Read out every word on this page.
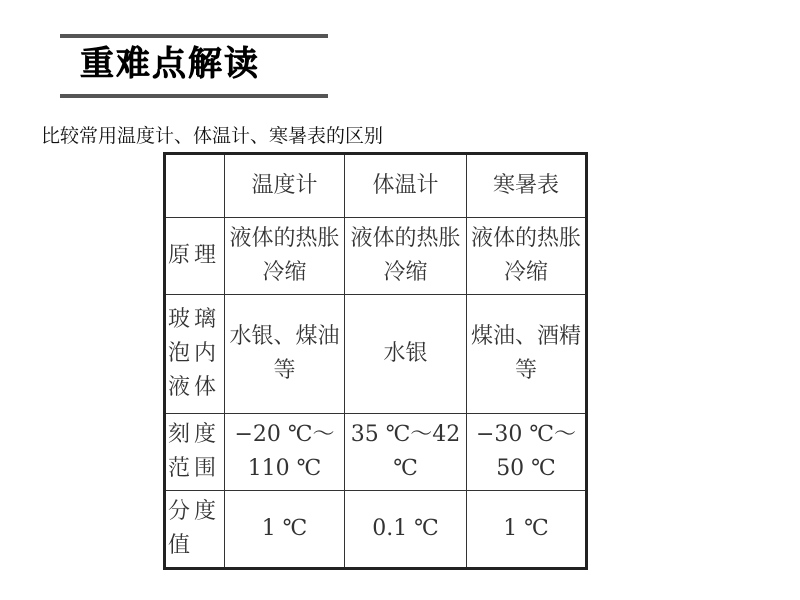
重难点解读
比较常用温度计、体温计、寒暑表的区别
	温度计	体温计	寒暑表
原理	液体的热胀冷缩	液体的热胀冷缩	液体的热胀冷缩
玻璃泡内液体	水银、煤油等	水银	煤油、酒精等
刻度范围	−20 ℃～110 ℃	35 ℃～42 ℃	−30 ℃～50 ℃
分度值	1 ℃	0.1 ℃	1 ℃
